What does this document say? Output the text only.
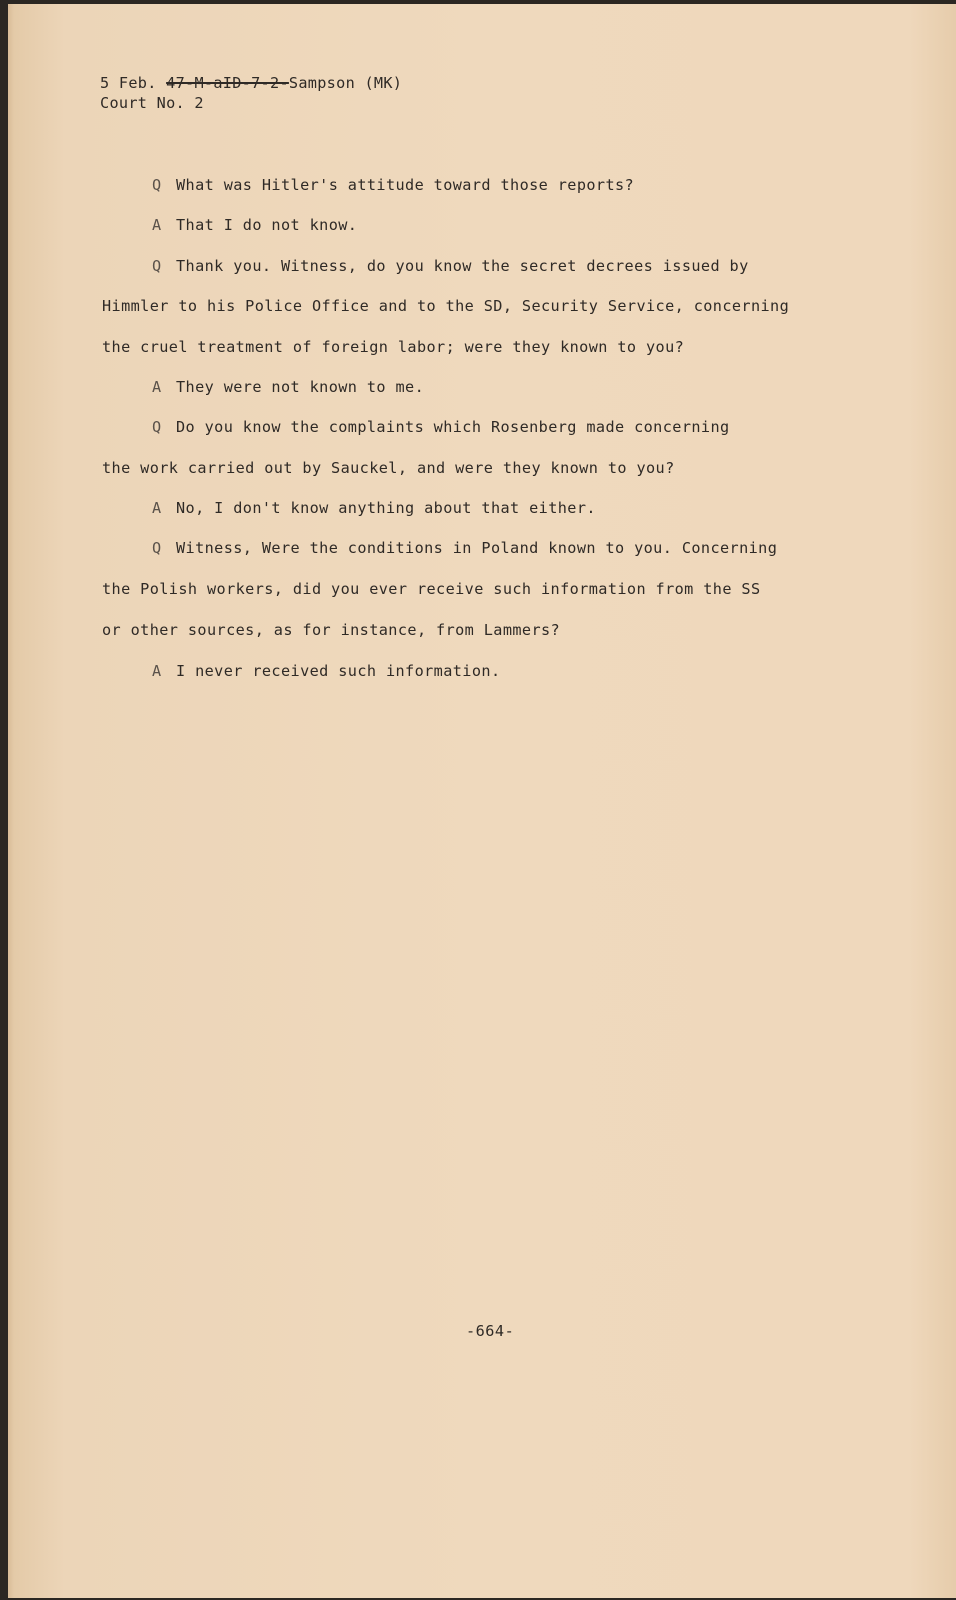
5 Feb. 47-M-aID-7-2-Sampson (MK)
Court No. 2
Q What was Hitler's attitude toward those reports?
A That I do not know.
Q Thank you. Witness, do you know the secret decrees issued by
Himmler to his Police Office and to the SD, Security Service, concerning
the cruel treatment of foreign labor; were they known to you?
A They were not known to me.
Q Do you know the complaints which Rosenberg made concerning
the work carried out by Sauckel, and were they known to you?
A No, I don't know anything about that either.
Q Witness, Were the conditions in Poland known to you. Concerning
the Polish workers, did you ever receive such information from the SS
or other sources, as for instance, from Lammers?
A I never received such information.
-664-
